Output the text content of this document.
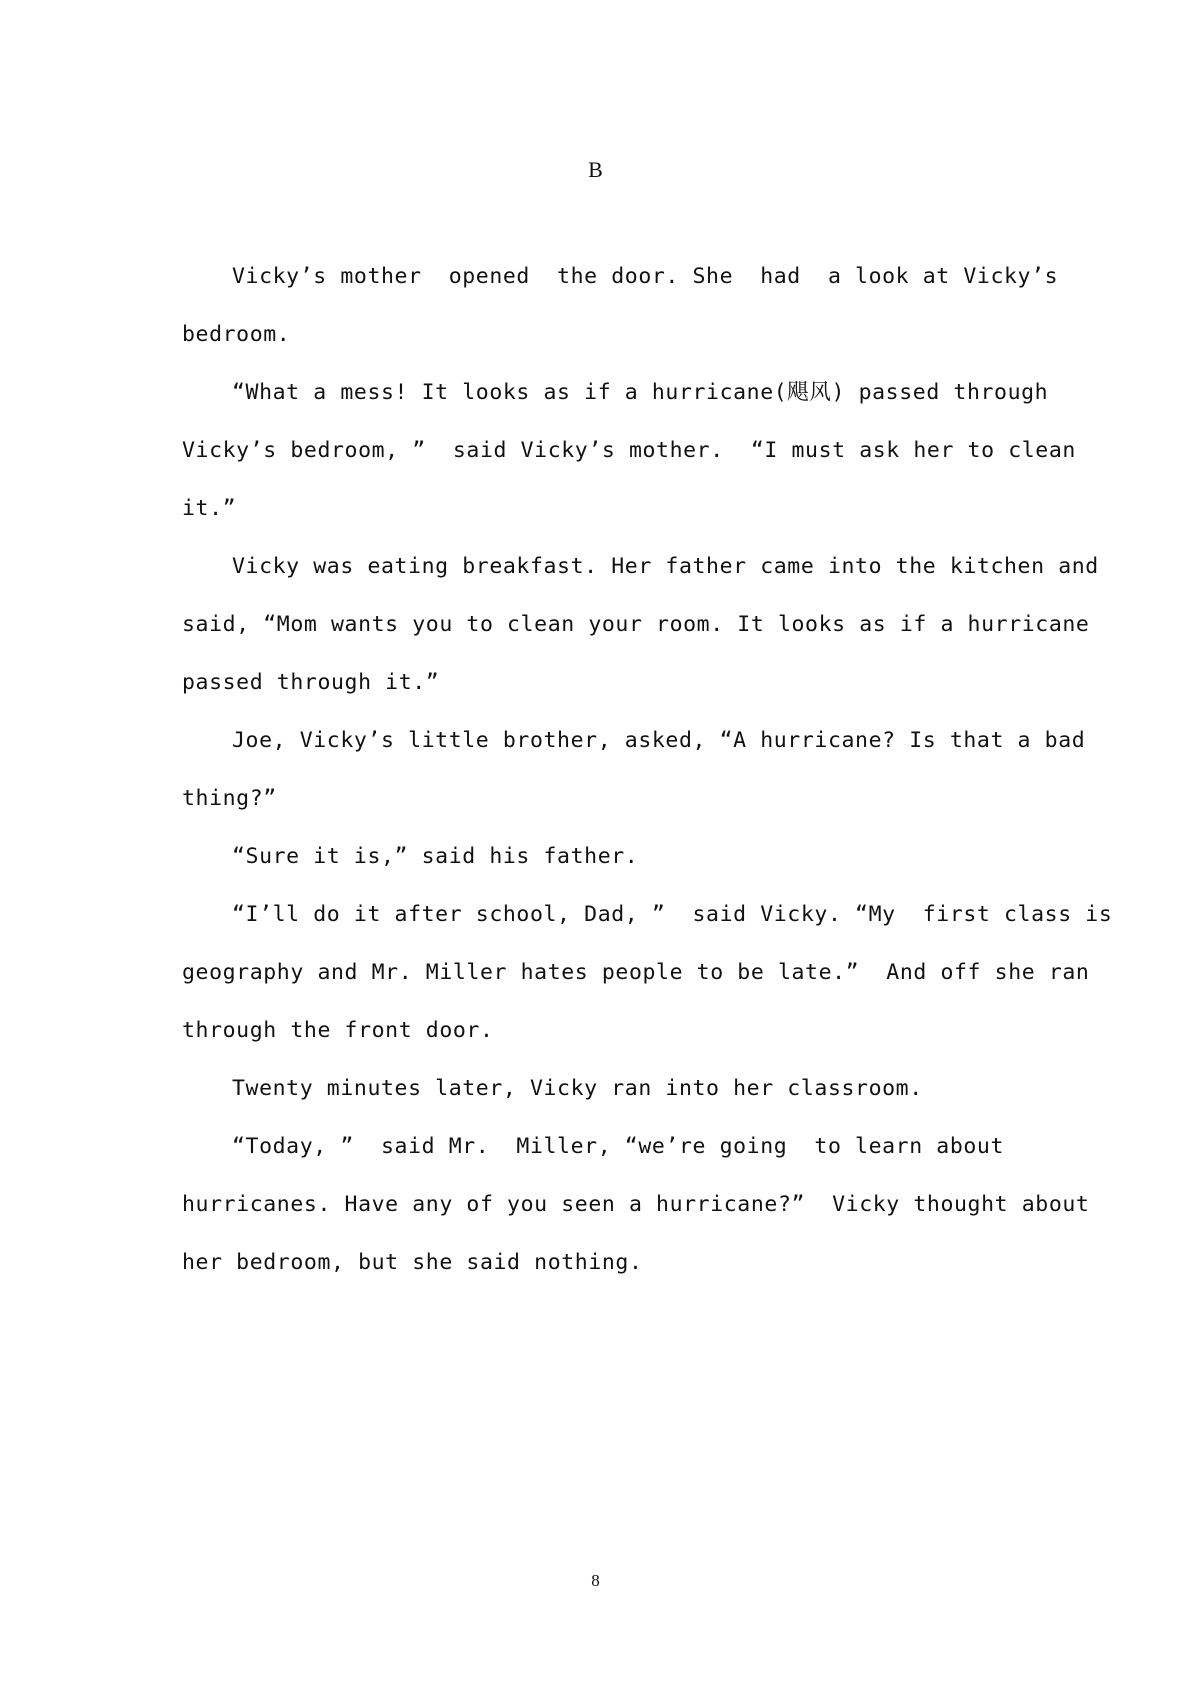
B
Vicky’s mother  opened  the door. She  had  a look at Vicky’s
bedroom.
“What a mess! It looks as if a hurricane(飓风) passed through
Vicky’s bedroom, ”  said Vicky’s mother.  “I must ask her to clean
it.”
Vicky was eating breakfast. Her father came into the kitchen and
said, “Mom wants you to clean your room. It looks as if a hurricane
passed through it.”
Joe, Vicky’s little brother, asked, “A hurricane? Is that a bad
thing?”
“Sure it is,” said his father.
“I’ll do it after school, Dad, ”  said Vicky. “My  first class is
geography and Mr. Miller hates people to be late.”  And off she ran
through the front door.
Twenty minutes later, Vicky ran into her classroom.
“Today, ”  said Mr.  Miller, “we’re going  to learn about
hurricanes. Have any of you seen a hurricane?”  Vicky thought about
her bedroom, but she said nothing.
8
